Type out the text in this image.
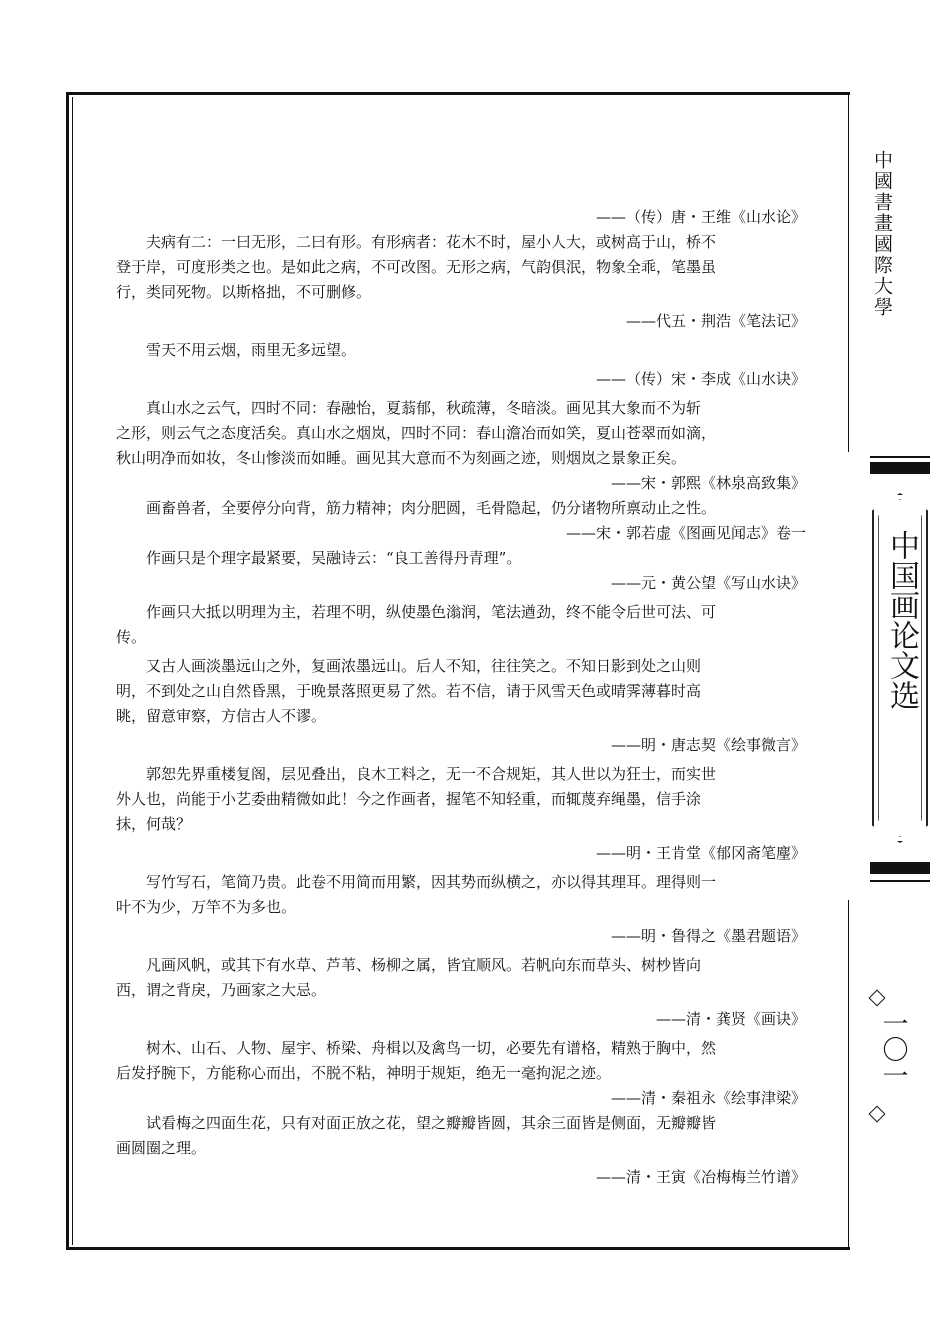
中國書畫國際大學
中国画论文选
一〇一

——（传）唐・王维《山水论》

夫病有二：一曰无形，二曰有形。有形病者：花木不时，屋小人大，或树高于山，桥不

登于岸，可度形类之也。是如此之病，不可改图。无形之病，气韵俱泯，物象全乖，笔墨虽

行，类同死物。以斯格拙，不可删修。

——代五・荆浩《笔法记》

雪天不用云烟，雨里无多远望。

——（传）宋・李成《山水诀》

真山水之云气，四时不同：春融怡，夏蓊郁，秋疏薄，冬暗淡。画见其大象而不为斩

之形，则云气之态度活矣。真山水之烟岚，四时不同：春山澹冶而如笑，夏山苍翠而如滴，

秋山明净而如妆，冬山惨淡而如睡。画见其大意而不为刻画之迹，则烟岚之景象正矣。

——宋・郭熙《林泉高致集》

画畜兽者，全要停分向背，筋力精神；肉分肥圆，毛骨隐起，仍分诸物所禀动止之性。

——宋・郭若虚《图画见闻志》卷一

作画只是个理字最紧要，吴融诗云：“良工善得丹青理”。

——元・黄公望《写山水诀》

作画只大抵以明理为主，若理不明，纵使墨色滃润，笔法遒劲，终不能令后世可法、可

传。

又古人画淡墨远山之外，复画浓墨远山。后人不知，往往笑之。不知日影到处之山则

明，不到处之山自然昏黑，于晚景落照更易了然。若不信，请于风雪天色或晴霁薄暮时高

眺，留意审察，方信古人不谬。

——明・唐志契《绘事微言》

郭恕先界重楼复阁，层见叠出，良木工料之，无一不合规矩，其人世以为狂士，而实世

外人也，尚能于小艺委曲精微如此！今之作画者，握笔不知轻重，而辄蔑弃绳墨，信手涂

抹，何哉？

——明・王肯堂《郁冈斋笔麈》

写竹写石，笔简乃贵。此卷不用简而用繁，因其势而纵横之，亦以得其理耳。理得则一

叶不为少，万竿不为多也。

——明・鲁得之《墨君题语》

凡画风帆，或其下有水草、芦苇、杨柳之属，皆宜顺风。若帆向东而草头、树杪皆向

西，谓之背戾，乃画家之大忌。

——清・龚贤《画诀》

树木、山石、人物、屋宇、桥梁、舟楫以及禽鸟一切，必要先有谱格，精熟于胸中，然

后发抒腕下，方能称心而出，不脱不粘，神明于规矩，绝无一毫拘泥之迹。

——清・秦祖永《绘事津梁》

试看梅之四面生花，只有对面正放之花，望之瓣瓣皆圆，其余三面皆是侧面，无瓣瓣皆

画圆圈之理。

——清・王寅《冶梅梅兰竹谱》
